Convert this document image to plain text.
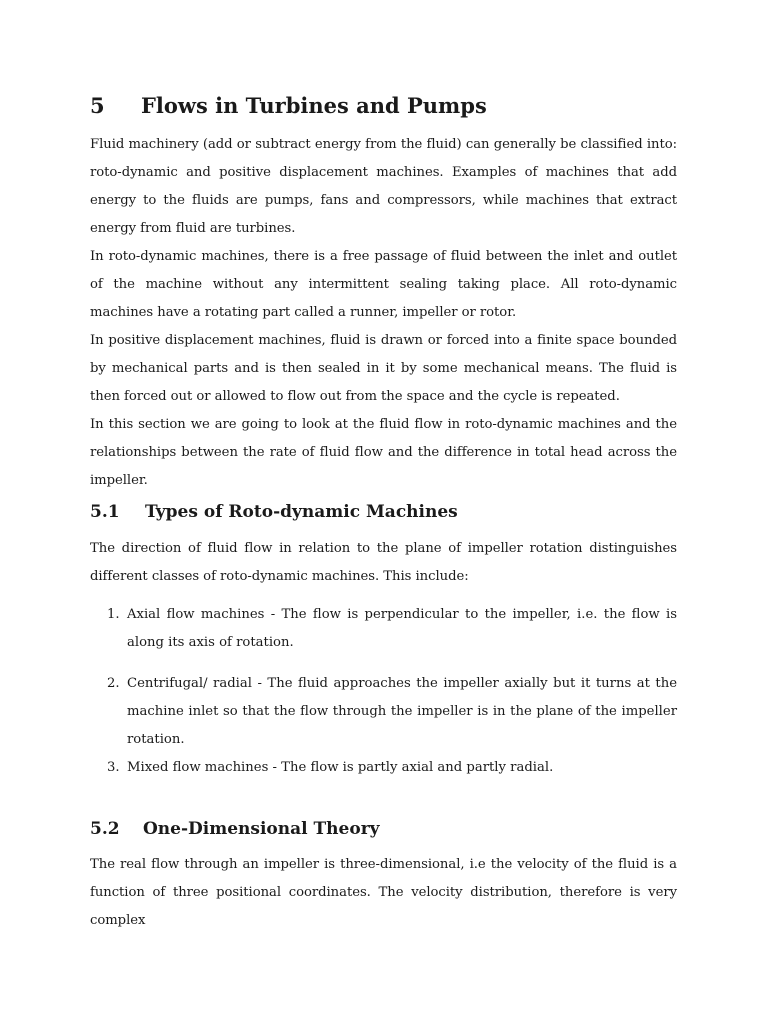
5 Flows in Turbines and Pumps
Fluid machinery (add or subtract energy from the fluid) can generally be classified into: roto-dynamic and positive displacement machines. Examples of machines that add energy to the fluids are pumps, fans and compressors, while machines that extract energy from fluid are turbines.
In roto-dynamic machines, there is a free passage of fluid between the inlet and outlet of the machine without any intermittent sealing taking place. All roto-dynamic machines have a rotating part called a runner, impeller or rotor.
In positive displacement machines, fluid is drawn or forced into a finite space bounded by mechanical parts and is then sealed in it by some mechanical means. The fluid is then forced out or allowed to flow out from the space and the cycle is repeated.
In this section we are going to look at the fluid flow in roto-dynamic machines and the relationships between the rate of fluid flow and the difference in total head across the impeller.
5.1 Types of Roto-dynamic Machines
The direction of fluid flow in relation to the plane of impeller rotation distinguishes different classes of roto-dynamic machines. This include:
1. Axial flow machines - The flow is perpendicular to the impeller, i.e. the flow is along its axis of rotation.
2. Centrifugal/ radial - The fluid approaches the impeller axially but it turns at the machine inlet so that the flow through the impeller is in the plane of the impeller rotation.
3. Mixed flow machines - The flow is partly axial and partly radial.
5.2 One-Dimensional Theory
The real flow through an impeller is three-dimensional, i.e the velocity of the fluid is a function of three positional coordinates. The velocity distribution, therefore is very complex
